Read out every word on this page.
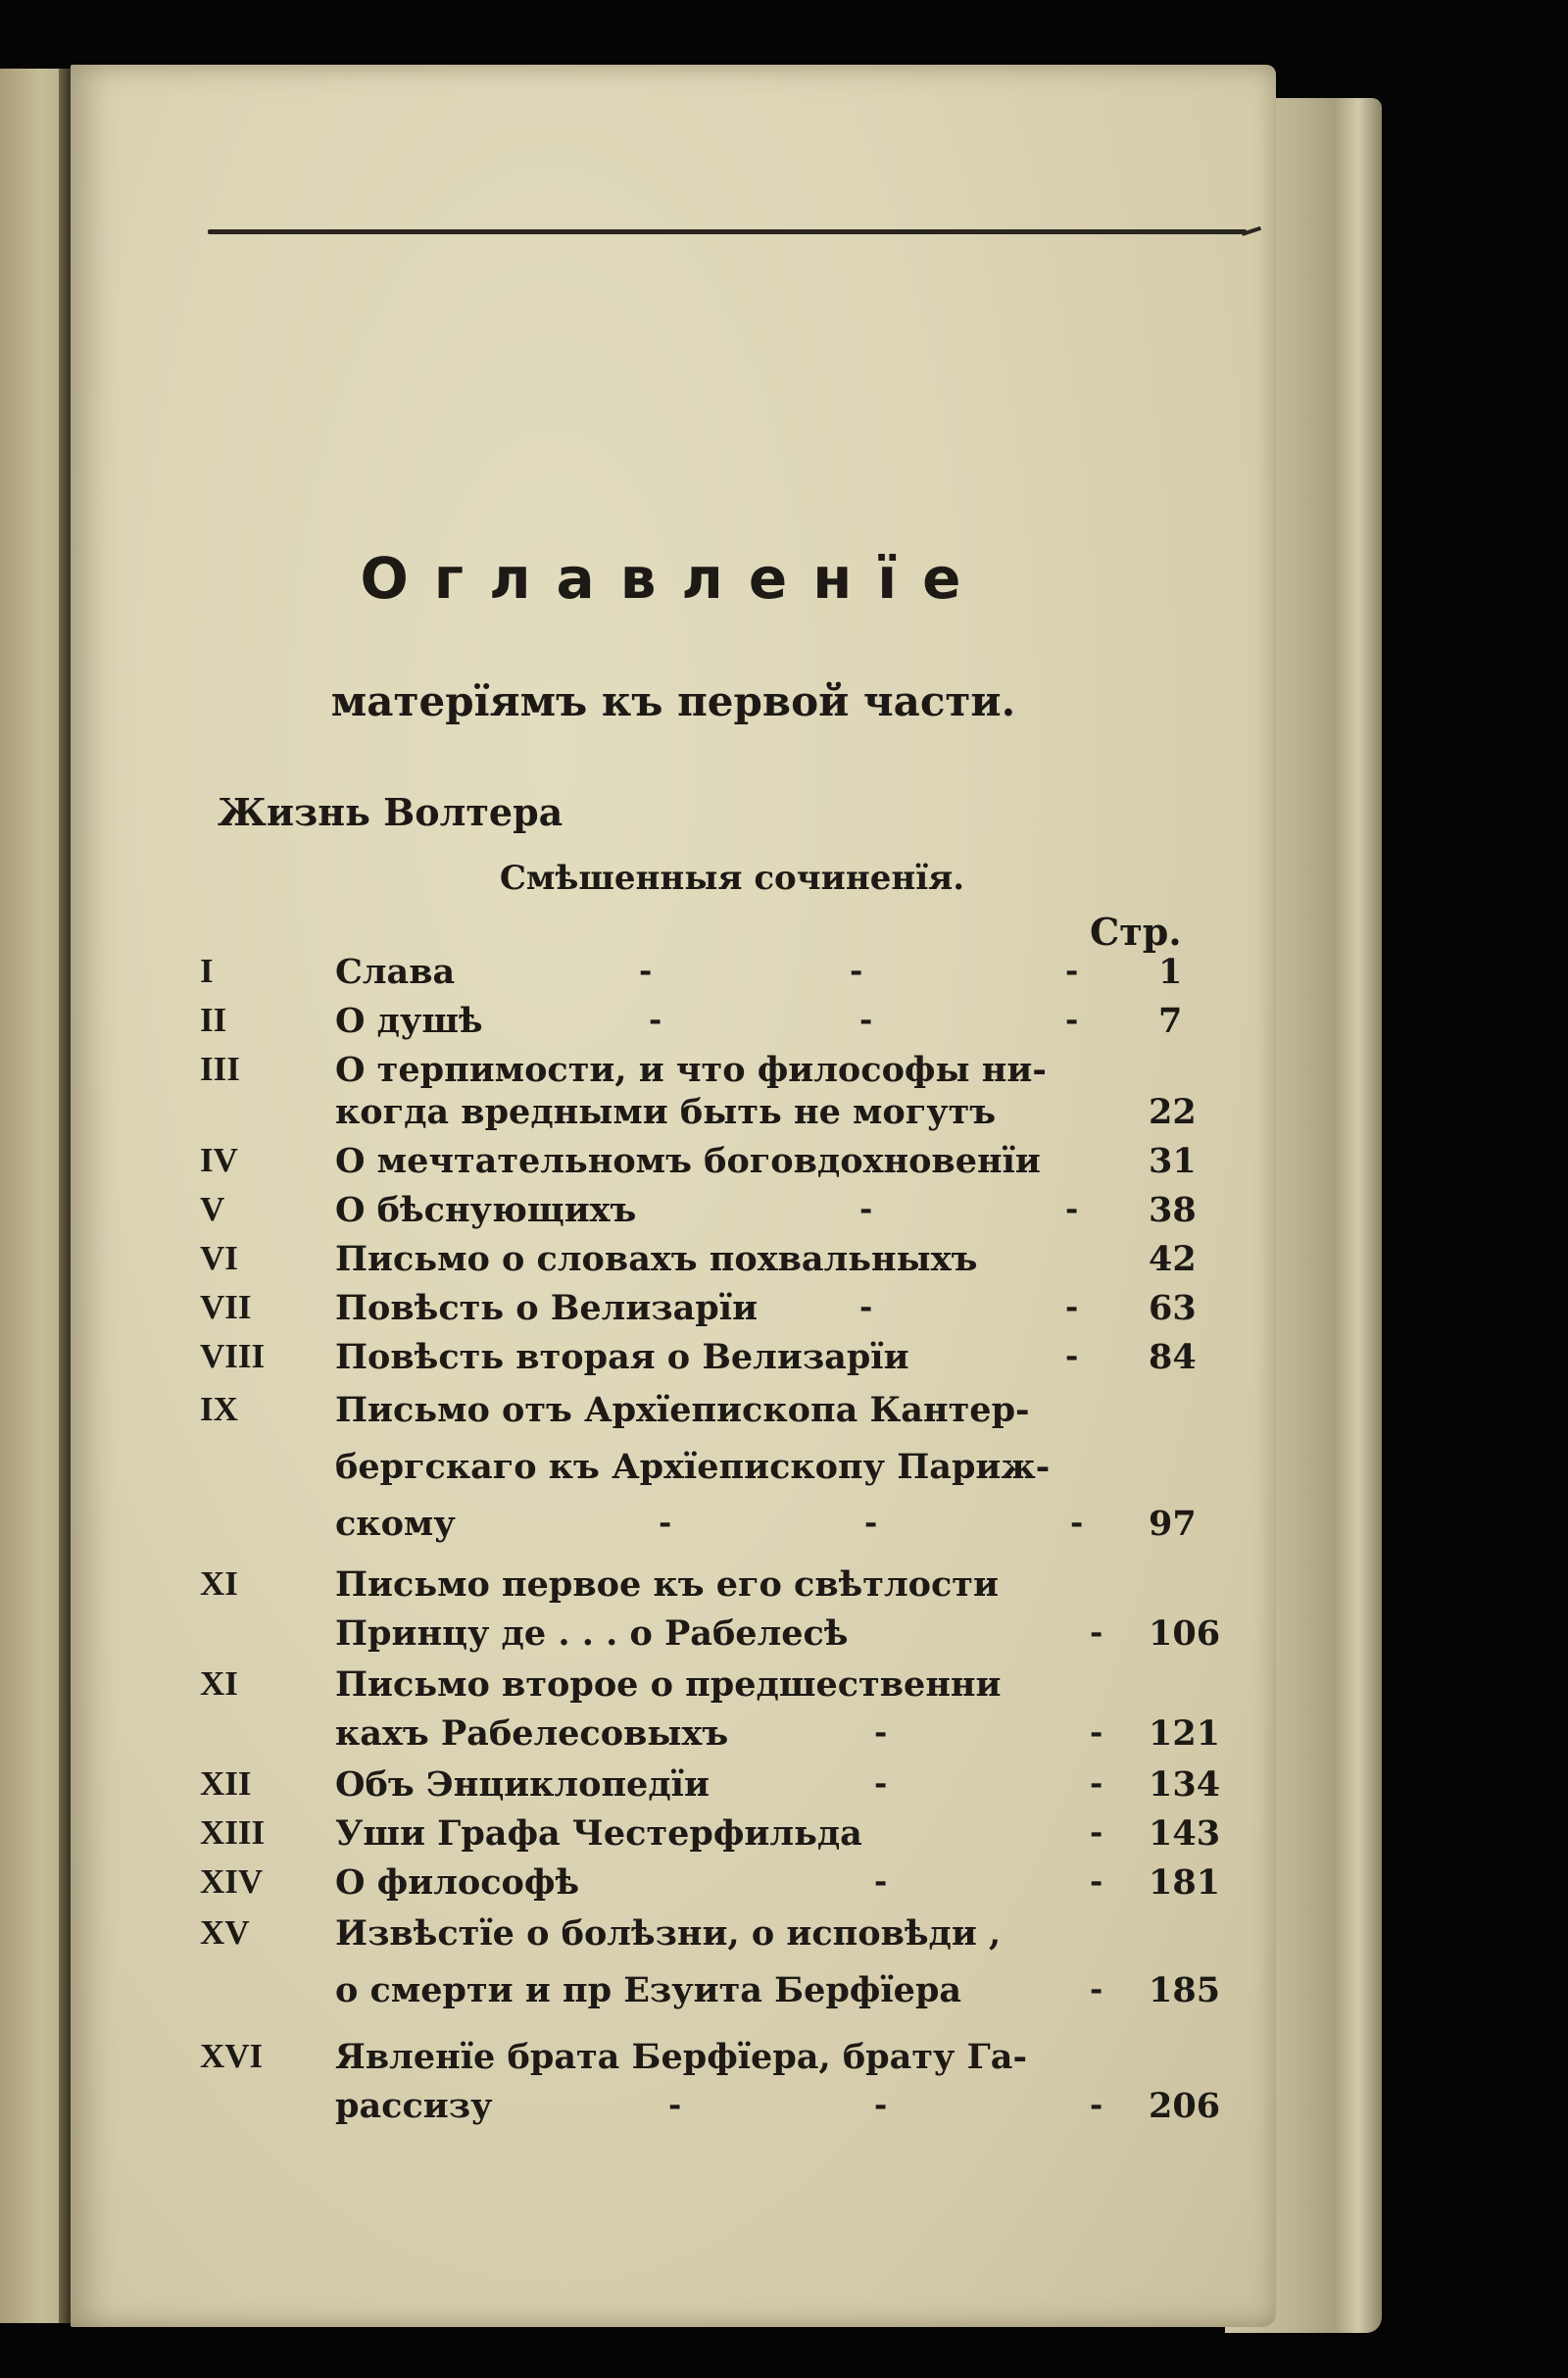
Оглавленїе
матерїямъ къ первой части.
Жизнь Волтера
Смѣшенныя сочиненїя.
Стр.
I	Слава	-	-	- 1
II	О душѣ	-	-	- 7
III	О терпимости, и что философы ни-
когда вредными быть не могутъ	22
IV	О мечтательномъ боговдохновенїи	31
V	О бѣснующихъ	-	- 38
VI	Письмо о словахъ похвальныхъ	42
VII Повѣсть о Велизарїи	-	- 63
VIII Повѣсть вторая о Велизарїи	- 84
IX	Письмо отъ Архїепископа Кантер-
бергскаго къ Архїепископу Париж-
скому	-	-	- 97
XI	Письмо первое къ его свѣтлости
Принцу де . . . о Рабелесѣ	- 106
XI	Письмо второе о предшественни
кахъ Рабелесовыхъ	-	- 121
XII Объ Энциклопедїи	-	- 134
XIII Уши Графа Честерфильда	- 143
XIV О философѣ	-	- 181
XV Извѣстїе о болѣзни, о исповѣди ,
о смерти и пр Езуита Берфїера	- 185
XVI Явленїе брата Берфїера, брату Га-
рассизу	-	-	- 206
